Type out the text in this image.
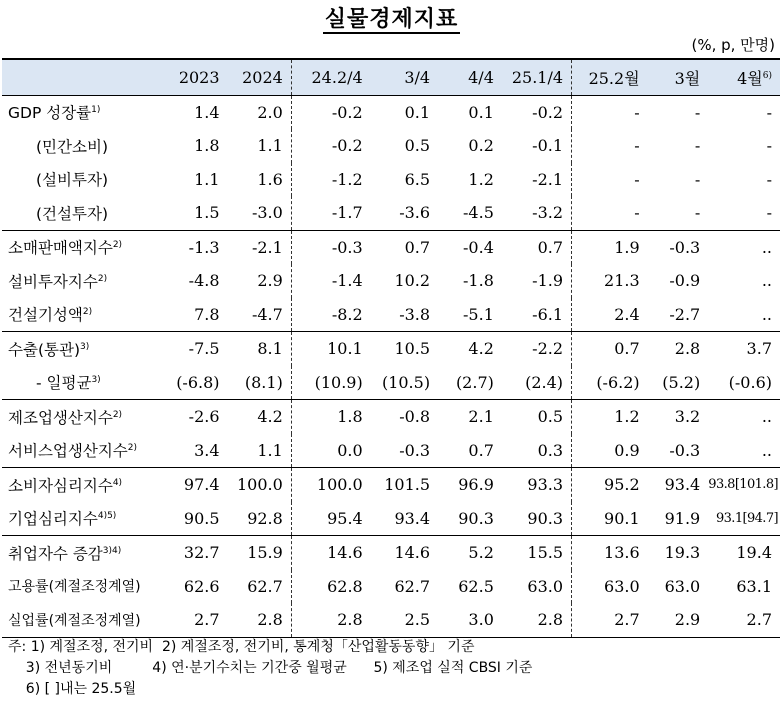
실물경제지표
(%, p, 만명)
	2023	2024	24.2/4	3/4	4/4	25.1/4	25.2월	3월	4월$^{6)}$
GDP 성장률$^{1)}$	1.4	2.0	-0.2	0.1	0.1	-0.2	-	-	-
(민간소비)	1.8	1.1	-0.2	0.5	0.2	-0.1	-	-	-
(설비투자)	1.1	1.6	-1.2	6.5	1.2	-2.1	-	-	-
(건설투자)	1.5	-3.0	-1.7	-3.6	-4.5	-3.2	-	-	-
소매판매액지수$^{2)}$	-1.3	-2.1	-0.3	0.7	-0.4	0.7	1.9	-0.3	..
설비투자지수$^{2)}$	-4.8	2.9	-1.4	10.2	-1.8	-1.9	21.3	-0.9	..
건설기성액$^{2)}$	7.8	-4.7	-8.2	-3.8	-5.1	-6.1	2.4	-2.7	..
수출(통관)$^{3)}$	-7.5	8.1	10.1	10.5	4.2	-2.2	0.7	2.8	3.7
- 일평균$^{3)}$	(-6.8)	(8.1)	(10.9)	(10.5)	(2.7)	(2.4)	(-6.2)	(5.2)	(-0.6)
제조업생산지수$^{2)}$	-2.6	4.2	1.8	-0.8	2.1	0.5	1.2	3.2	..
서비스업생산지수$^{2)}$	3.4	1.1	0.0	-0.3	0.7	0.3	0.9	-0.3	..
소비자심리지수$^{4)}$	97.4	100.0	100.0	101.5	96.9	93.3	95.2	93.4	93.8[101.8]
기업심리지수$^{4)5)}$	90.5	92.8	95.4	93.4	90.3	90.3	90.1	91.9	93.1[94.7]
취업자수 증감$^{3)4)}$	32.7	15.9	14.6	14.6	5.2	15.5	13.6	19.3	19.4
고용률(계절조정계열)	62.6	62.7	62.8	62.7	62.5	63.0	63.0	63.0	63.1
실업률(계절조정계열)	2.7	2.8	2.8	2.5	3.0	2.8	2.7	2.9	2.7
주: 1) 계절조정, 전기비  2) 계절조정, 전기비, 통계청「산업활동동향」 기준
3) 전년동기비         4) 연·분기수치는 기간중 월평균      5) 제조업 실적 CBSI 기준
6) [ ]내는 25.5월
